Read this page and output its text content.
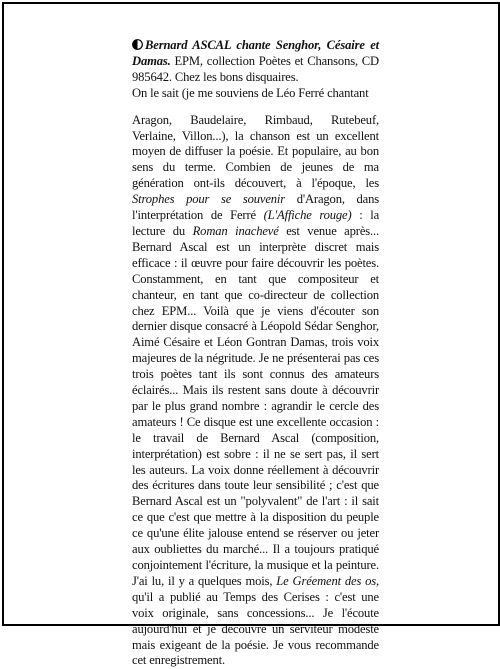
Bernard ASCAL chante Senghor, Césaire et Damas. EPM, collection Poètes et Chansons, CD 985642. Chez les bons disquaires.

On le sait (je me souviens de Léo Ferré chantant

Aragon, Baudelaire, Rimbaud, Rutebeuf, Verlaine, Villon...), la chanson est un excellent moyen de diffuser la poésie. Et populaire, au bon sens du terme. Combien de jeunes de ma génération ont-ils découvert, à l'époque, les Strophes pour se souvenir d'Aragon, dans l'interprétation de Ferré (L'Affiche rouge) : la lecture du Roman inachevé est venue après... Bernard Ascal est un interprète discret mais efficace : il œuvre pour faire découvrir les poètes. Constamment, en tant que compositeur et chanteur, en tant que co-directeur de collection chez EPM... Voilà que je viens d'écouter son dernier disque consacré à Léopold Sédar Senghor, Aimé Césaire et Léon Gontran Damas, trois voix majeures de la négritude. Je ne présenterai pas ces trois poètes tant ils sont connus des amateurs éclairés... Mais ils restent sans doute à découvrir par le plus grand nombre : agrandir le cercle des amateurs ! Ce disque est une excellente occasion : le travail de Bernard Ascal (composition, interprétation) est sobre : il ne se sert pas, il sert les auteurs. La voix donne réellement à découvrir des écritures dans toute leur sensibilité ; c'est que Bernard Ascal est un "polyvalent" de l'art : il sait ce que c'est que mettre à la disposition du peuple ce qu'une élite jalouse entend se réserver ou jeter aux oubliettes du marché... Il a toujours pratiqué conjointement l'écriture, la musique et la peinture. J'ai lu, il y a quelques mois, Le Gréement des os, qu'il a publié au Temps des Cerises : c'est une voix originale, sans concessions... Je l'écoute aujourd'hui et je découvre un serviteur modeste mais exigeant de la poésie. Je vous recommande cet enregistrement.
